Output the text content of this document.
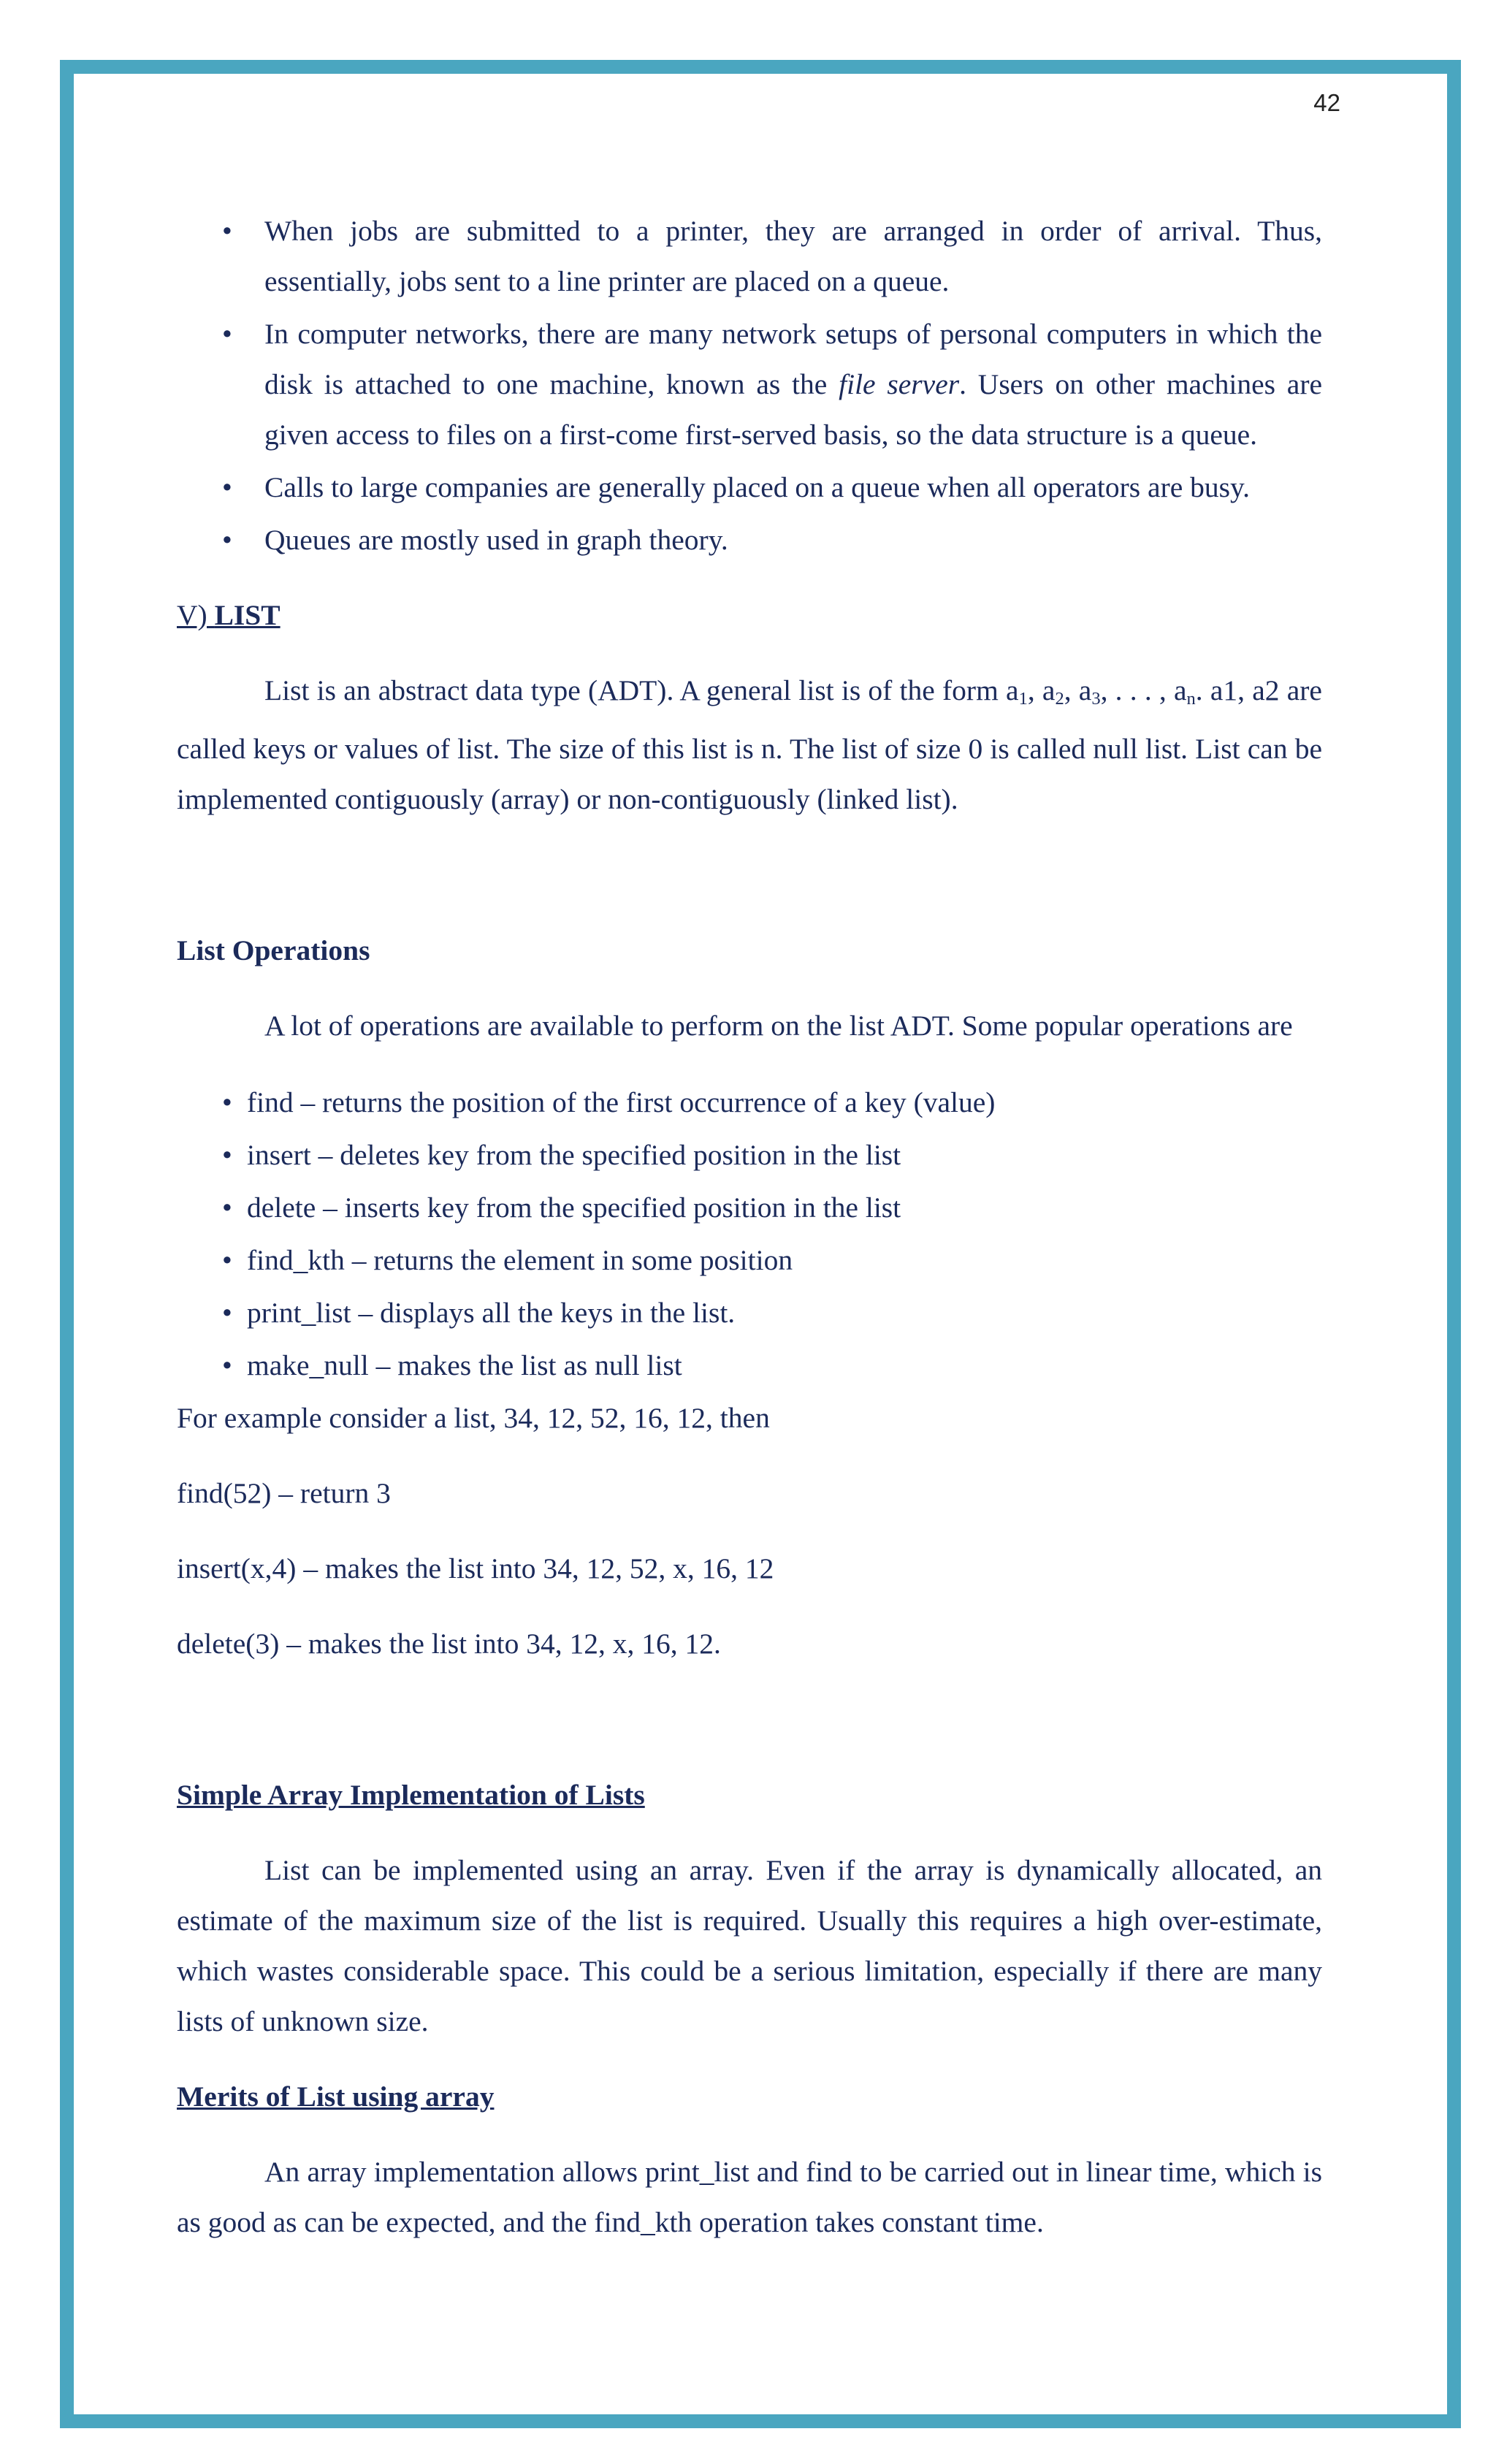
42
• When jobs are submitted to a printer, they are arranged in order of arrival. Thus, essentially, jobs sent to a line printer are placed on a queue.
• In computer networks, there are many network setups of personal computers in which the disk is attached to one machine, known as the file server. Users on other machines are given access to files on a first-come first-served basis, so the data structure is a queue.
• Calls to large companies are generally placed on a queue when all operators are busy.
• Queues are mostly used in graph theory.

V) LIST

List is an abstract data type (ADT). A general list is of the form $a_1$, $a_2$, $a_3$, . . . , $a_n$. a1, a2 are called keys or values of list. The size of this list is n. The list of size 0 is called null list. List can be implemented contiguously (array) or non-contiguously (linked list).

List Operations

A lot of operations are available to perform on the list ADT. Some popular operations are

• find – returns the position of the first occurrence of a key (value)
• insert – deletes key from the specified position in the list
• delete – inserts key from the specified position in the list
• find_kth – returns the element in some position
• print_list – displays all the keys in the list.
• make_null – makes the list as null list

For example consider a list, 34, 12, 52, 16, 12, then

find(52) – return 3

insert(x,4) – makes the list into 34, 12, 52, x, 16, 12

delete(3) – makes the list into 34, 12, x, 16, 12.

Simple Array Implementation of Lists

List can be implemented using an array. Even if the array is dynamically allocated, an estimate of the maximum size of the list is required. Usually this requires a high over-estimate, which wastes considerable space. This could be a serious limitation, especially if there are many lists of unknown size.

Merits of List using array

An array implementation allows print_list and find to be carried out in linear time, which is as good as can be expected, and the find_kth operation takes constant time.
